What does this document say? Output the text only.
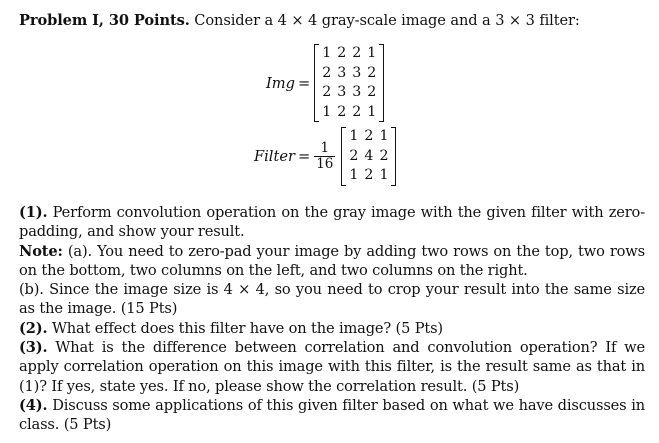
Problem I, 30 Points. Consider a 4 × 4 gray-scale image and a 3 × 3 filter:
Img =
1	2	2	1
2	3	3	2
2	3	3	2
1	2	2	1
Filter = $\frac{1}{16}$
1	2	1
2	4	2
1	2	1

(1). Perform convolution operation on the gray image with the given filter with zero-padding, and show your result.

Note: (a). You need to zero-pad your image by adding two rows on the top, two rows on the bottom, two columns on the left, and two columns on the right.

(b). Since the image size is 4 × 4, so you need to crop your result into the same size as the image. (15 Pts)

(2). What effect does this filter have on the image? (5 Pts)

(3). What is the difference between correlation and convolution operation? If we apply correlation operation on this image with this filter, is the result same as that in (1)? If yes, state yes. If no, please show the correlation result. (5 Pts)

(4). Discuss some applications of this given filter based on what we have discusses in class. (5 Pts)
